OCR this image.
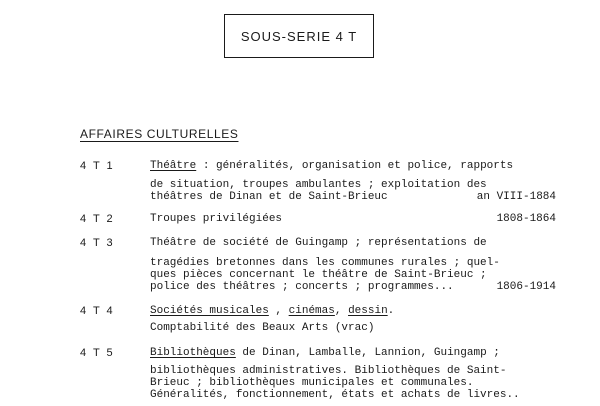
SOUS-SERIE 4 T
AFFAIRES CULTURELLES
4 T 1	Théâtre : généralités, organisation et police, rapports
de situation, troupes ambulantes ; exploitation des
théâtres de Dinan et de Saint-Brieuc	an VIII-1884
4 T 2	Troupes privilégiées	1808-1864
4 T 3	Théâtre de société de Guingamp ; représentations de
tragédies bretonnes dans les communes rurales ; quel-
ques pièces concernant le théâtre de Saint-Brieuc ;
police des théâtres ; concerts ; programmes...	1806-1914
4 T 4	Sociétés musicales , cinémas, dessin.
Comptabilité des Beaux Arts (vrac)
4 T 5	Bibliothèques de Dinan, Lamballe, Lannion, Guingamp ;
bibliothèques administratives. Bibliothèques de Saint-
Brieuc ; bibliothèques municipales et communales.
Généralités, fonctionnement, états et achats de livres..
